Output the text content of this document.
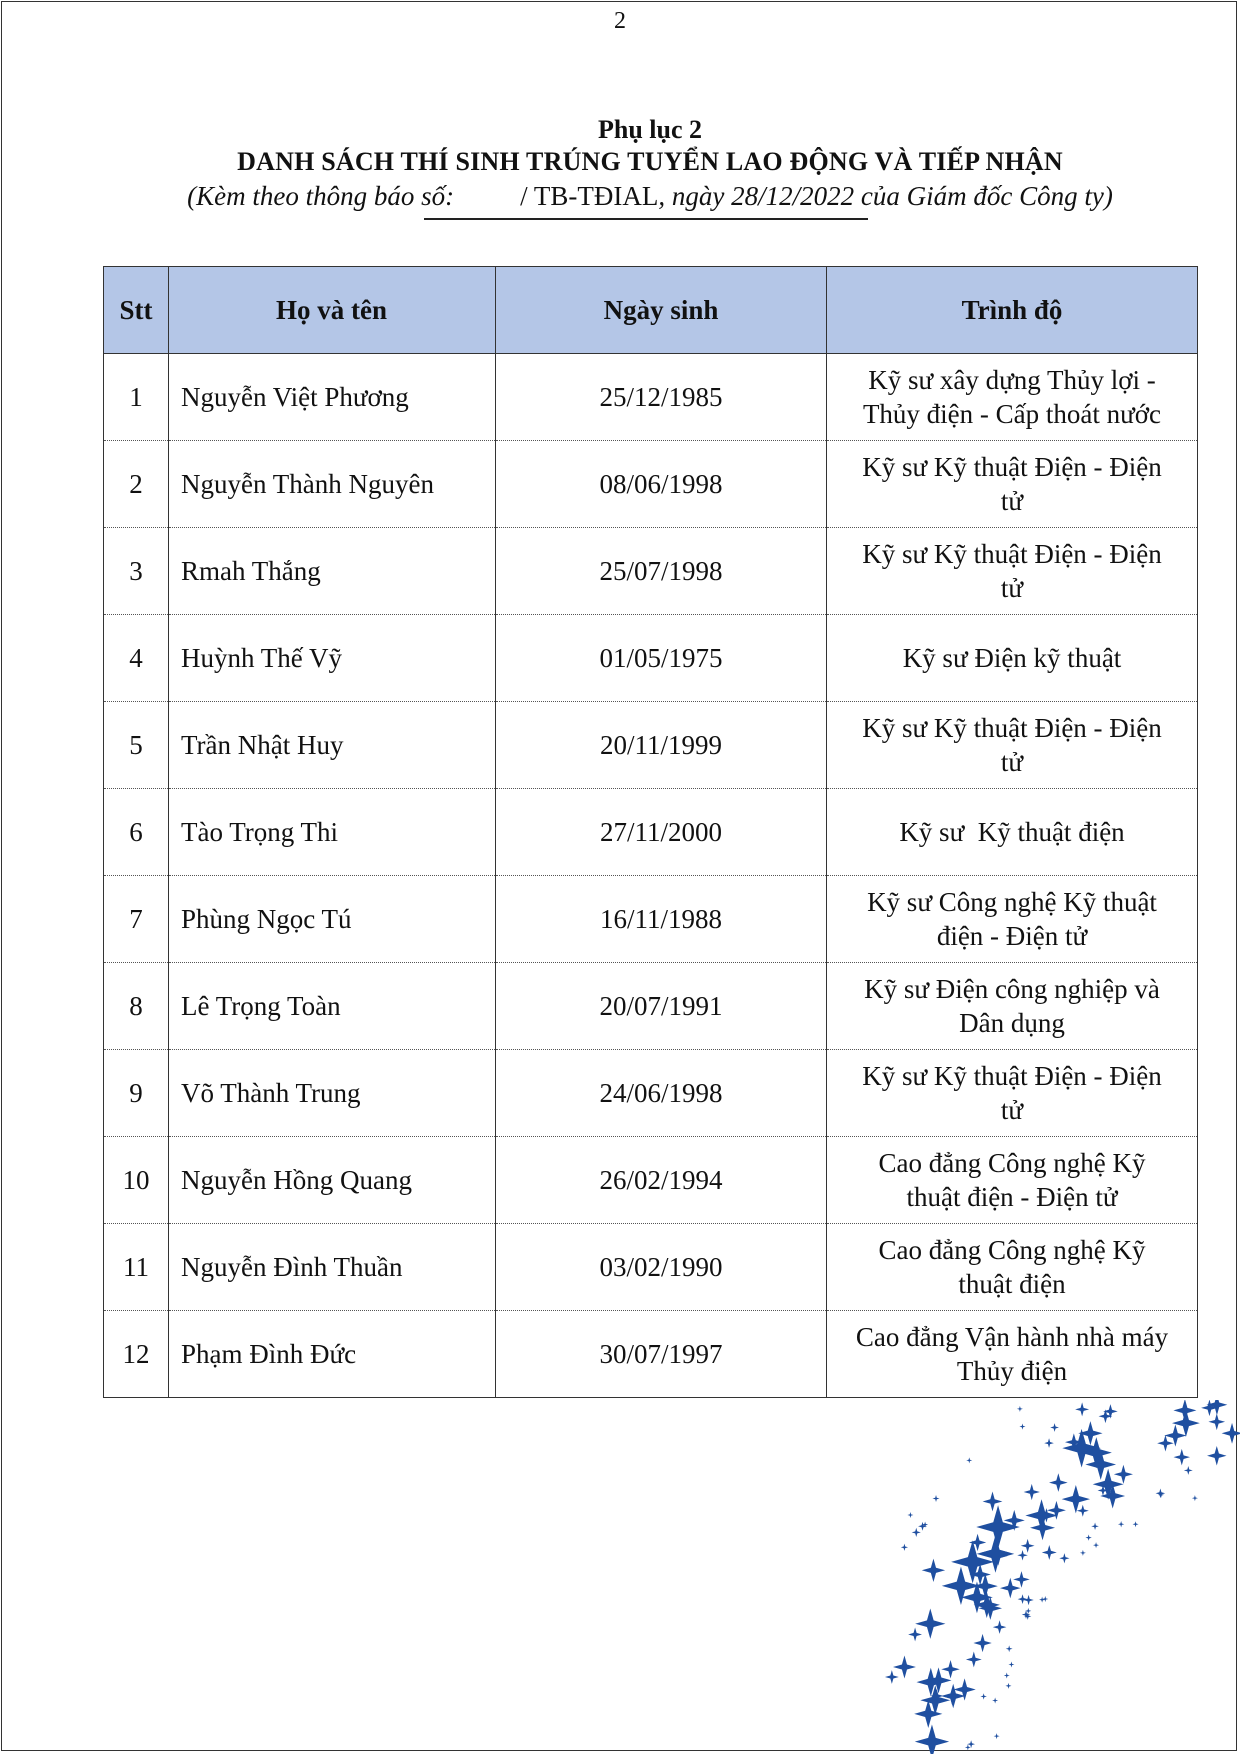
2
Phụ lục 2
DANH SÁCH THÍ SINH TRÚNG TUYỂN LAO ĐỘNG VÀ TIẾP NHẬN
(Kèm theo thông báo số: / TB-TĐIAL, ngày 28/12/2022 của Giám đốc Công ty)
Stt	Họ và tên	Ngày sinh	Trình độ
1	Nguyễn Việt Phương	25/12/1985	Kỹ sư xây dựng Thủy lợi -
Thủy điện - Cấp thoát nước

2	Nguyễn Thành Nguyên	08/06/1998	Kỹ sư Kỹ thuật Điện - Điện
tử

3	Rmah Thắng	25/07/1998	Kỹ sư Kỹ thuật Điện - Điện
tử

4	Huỳnh Thế Vỹ	01/05/1975	Kỹ sư Điện kỹ thuật

5	Trần Nhật Huy	20/11/1999	Kỹ sư Kỹ thuật Điện - Điện
tử

6	Tào Trọng Thi	27/11/2000	Kỹ sư  Kỹ thuật điện

7	Phùng Ngọc Tú	16/11/1988	Kỹ sư Công nghệ Kỹ thuật
điện - Điện tử

8	Lê Trọng Toàn	20/07/1991	Kỹ sư Điện công nghiệp và
Dân dụng

9	Võ Thành Trung	24/06/1998	Kỹ sư Kỹ thuật Điện - Điện
tử

10	Nguyễn Hồng Quang	26/02/1994	Cao đẳng Công nghệ Kỹ
thuật điện - Điện tử

11	Nguyễn Đình Thuần	03/02/1990	Cao đẳng Công nghệ Kỹ
thuật điện

12	Phạm Đình Đức	30/07/1997	Cao đẳng Vận hành nhà máy
Thủy điện
